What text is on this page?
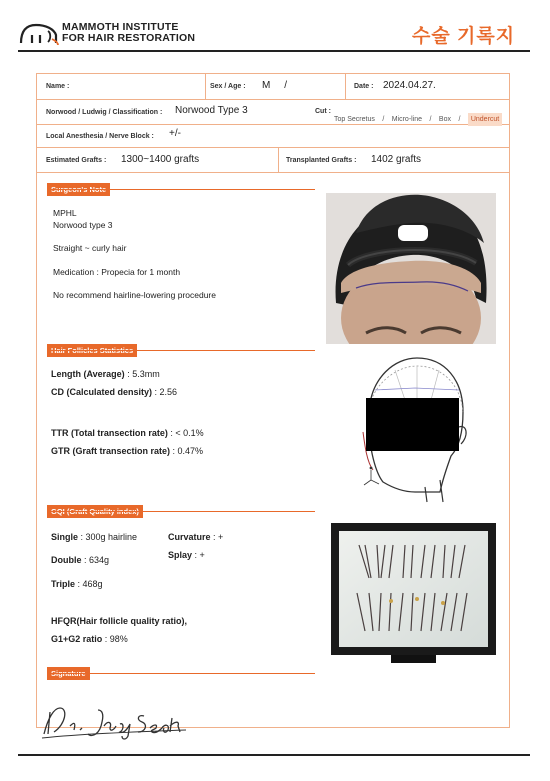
MAMMOTH INSTITUTE
FOR HAIR RESTORATION	수술 기록지
Name :	Sex / Age : M     /	Date : 2024.04.27.
Norwood / Ludwig / Classification : Norwood Type 3	Cut :
Top Secretus / Micro-line / Box / Undercut
Local Anesthesia / Nerve Block : +/-
Estimated Grafts : 1300~1400 grafts	Transplanted Grafts : 1402 grafts
MPHL
Norwood type 3
Straight ~ curly hair
Medication : Propecia for 1 month
No recommend hairline-lowering procedure
Length (Average) : 5.3mm
CD (Calculated density) : 2.56
TTR (Total transection rate) : < 0.1%
GTR (Graft transection rate) : 0.47%
Single : 300g hairline	Curvature : +
Splay : +
Double : 634g
Triple : 468g
HFQR(Hair follicle quality ratio),
G1+G2 ratio : 98%
